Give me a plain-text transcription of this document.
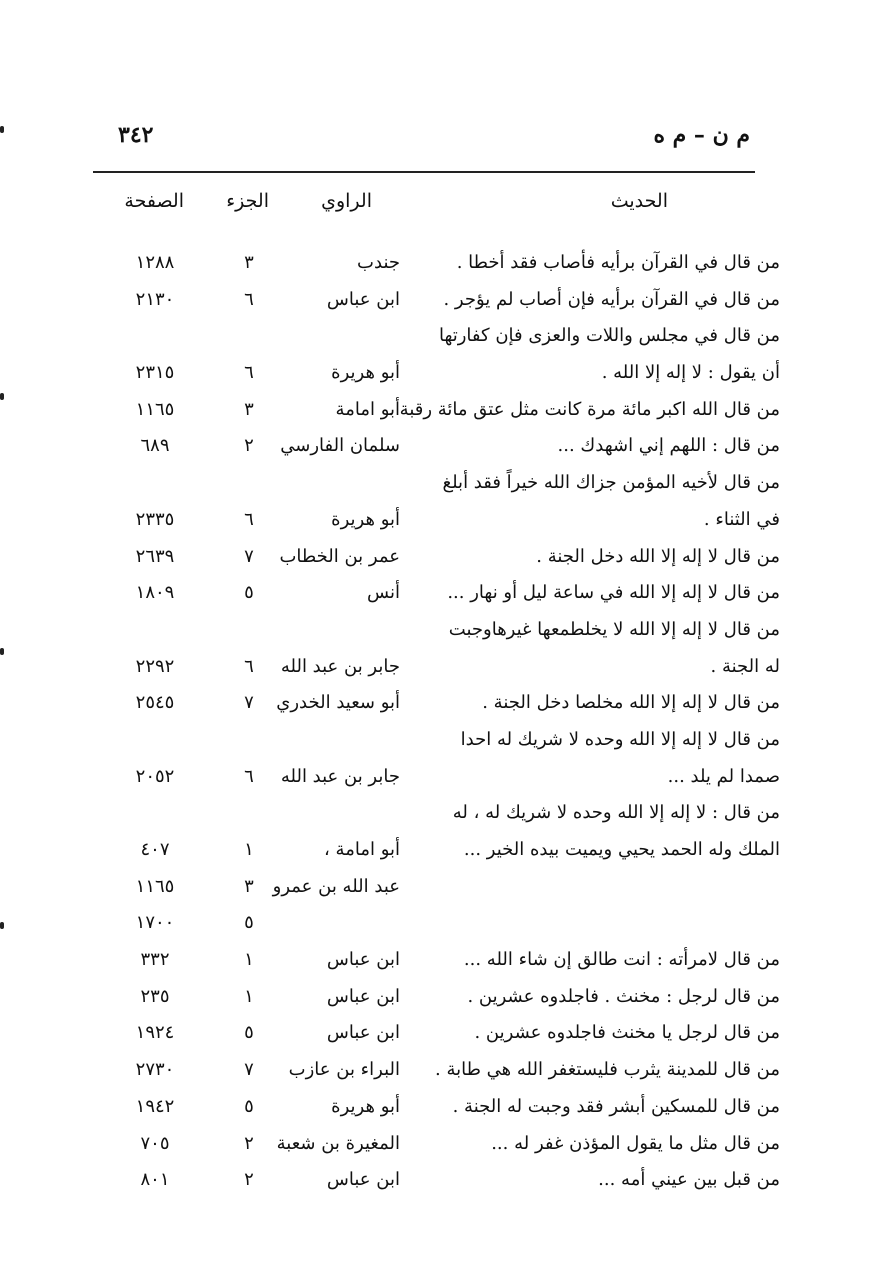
م ن – م ه
٣٤٢
الحديث
الراوي
الجزء
الصفحة
من قال في القرآن برأيه فأصاب فقد أخطا .
جندب
٣
١٢٨٨
من قال في القرآن برأيه فإن أصاب لم يؤجر .
ابن عباس
٦
٢١٣٠
من قال في مجلس واللات والعزى فإن كفارتها
أن يقول : لا إله إلا الله .
أبو هريرة
٦
٢٣١٥
من قال الله اكبر مائة مرة كانت مثل عتق مائة رقبة .
أبو امامة
٣
١١٦٥
من قال : اللهم إني اشهدك ...
سلمان الفارسي
٢
٦٨٩
من قال لأخيه المؤمن جزاك الله خيراً فقد أبلغ
في الثناء .
أبو هريرة
٦
٢٣٣٥
من قال لا إله إلا الله دخل الجنة .
عمر بن الخطاب
٧
٢٦٣٩
من قال لا إله إلا الله في ساعة ليل أو نهار ...
أنس
٥
١٨٠٩
من قال لا إله إلا الله لا يخلطمعها غيرهاوجبت
له الجنة .
جابر بن عبد الله
٦
٢٢٩٢
من قال لا إله إلا الله مخلصا دخل الجنة .
أبو سعيد الخدري
٧
٢٥٤٥
من قال لا إله إلا الله وحده لا شريك له احدا
صمدا لم يلد ...
جابر بن عبد الله
٦
٢٠٥٢
من قال : لا إله إلا الله وحده لا شريك له ، له
الملك وله الحمد يحيي ويميت بيده الخير ...
أبو امامة ،
١
٤٠٧
عبد الله بن عمرو
٣
١١٦٥
٥
١٧٠٠
من قال لامرأته : انت طالق إن شاء الله ...
ابن عباس
١
٣٣٢
من قال لرجل : مخنث . فاجلدوه عشرين .
ابن عباس
١
٢٣٥
من قال لرجل يا مخنث فاجلدوه عشرين .
ابن عباس
٥
١٩٢٤
من قال للمدينة يثرب فليستغفر الله هي طابة .
البراء بن عازب
٧
٢٧٣٠
من قال للمسكين أبشر فقد وجبت له الجنة .
أبو هريرة
٥
١٩٤٢
من قال مثل ما يقول المؤذن غفر له ...
المغيرة بن شعبة
٢
٧٠٥
من قبل بين عيني أمه ...
ابن عباس
٢
٨٠١
